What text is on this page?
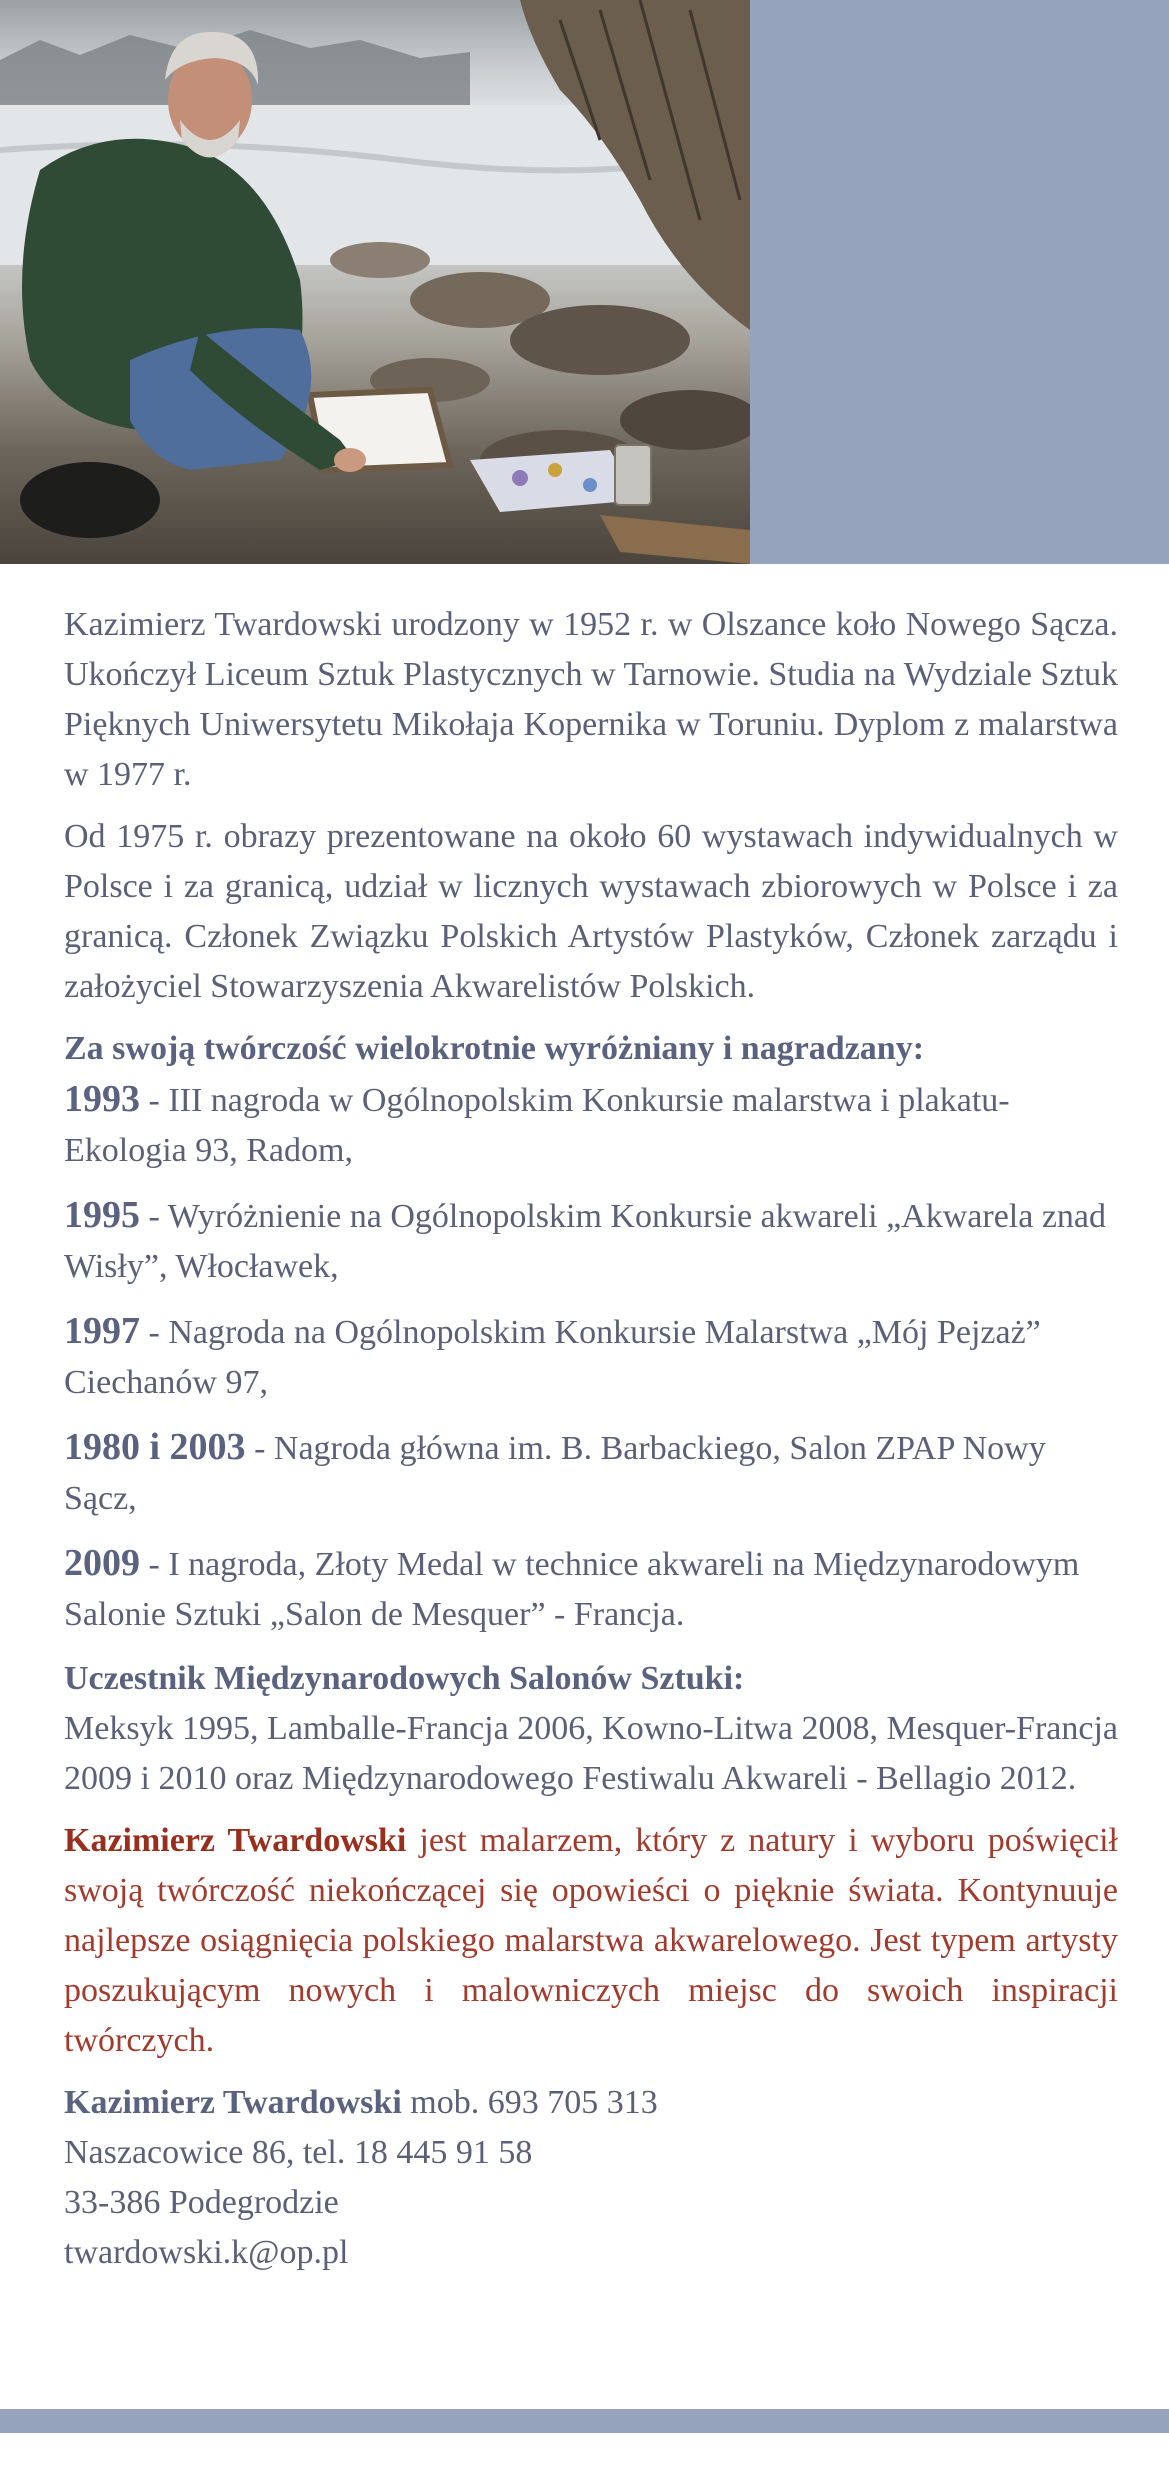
Kazimierz Twardowski urodzony w 1952 r. w Olszance koło Nowego Sącza. Ukończył Liceum Sztuk Plastycznych w Tarnowie. Studia na Wydziale Sztuk Pięknych Uniwersytetu Mikołaja Kopernika w Toruniu. Dyplom z malarstwa w 1977 r.

Od 1975 r. obrazy prezentowane na około 60 wystawach indywidualnych w Polsce i za granicą, udział w licznych wystawach zbiorowych w Polsce i za granicą. Członek Związku Polskich Artystów Plastyków, Członek zarządu i założyciel Stowarzyszenia Akwarelistów Polskich.

Za swoją twórczość wielokrotnie wyróżniany i nagradzany:
1993 - III nagroda w Ogólnopolskim Konkursie malarstwa i plakatu-Ekologia 93, Radom,
1995 - Wyróżnienie na Ogólnopolskim Konkursie akwareli „Akwarela znad Wisły”, Włocławek,
1997 - Nagroda na Ogólnopolskim Konkursie Malarstwa „Mój Pejzaż” Ciechanów 97,
1980 i 2003 - Nagroda główna im. B. Barbackiego, Salon ZPAP Nowy Sącz,
2009 - I nagroda, Złoty Medal w technice akwareli na Międzynarodowym Salonie Sztuki „Salon de Mesquer” - Francja.
Uczestnik Międzynarodowych Salonów Sztuki:

Meksyk 1995, Lamballe-Francja 2006, Kowno-Litwa 2008, Mesquer-Francja 2009 i 2010 oraz Międzynarodowego Festiwalu Akwareli - Bellagio 2012.

Kazimierz Twardowski jest malarzem, który z natury i wyboru poświęcił swoją twórczość niekończącej się opowieści o pięknie świata. Kontynuuje najlepsze osiągnięcia polskiego malarstwa akwarelowego. Jest typem artysty poszukującym nowych i malowniczych miejsc do swoich inspiracji twórczych.

Kazimierz Twardowski mob. 693 705 313
Naszacowice 86, tel. 18 445 91 58
33-386 Podegrodzie
twardowski.k@op.pl
